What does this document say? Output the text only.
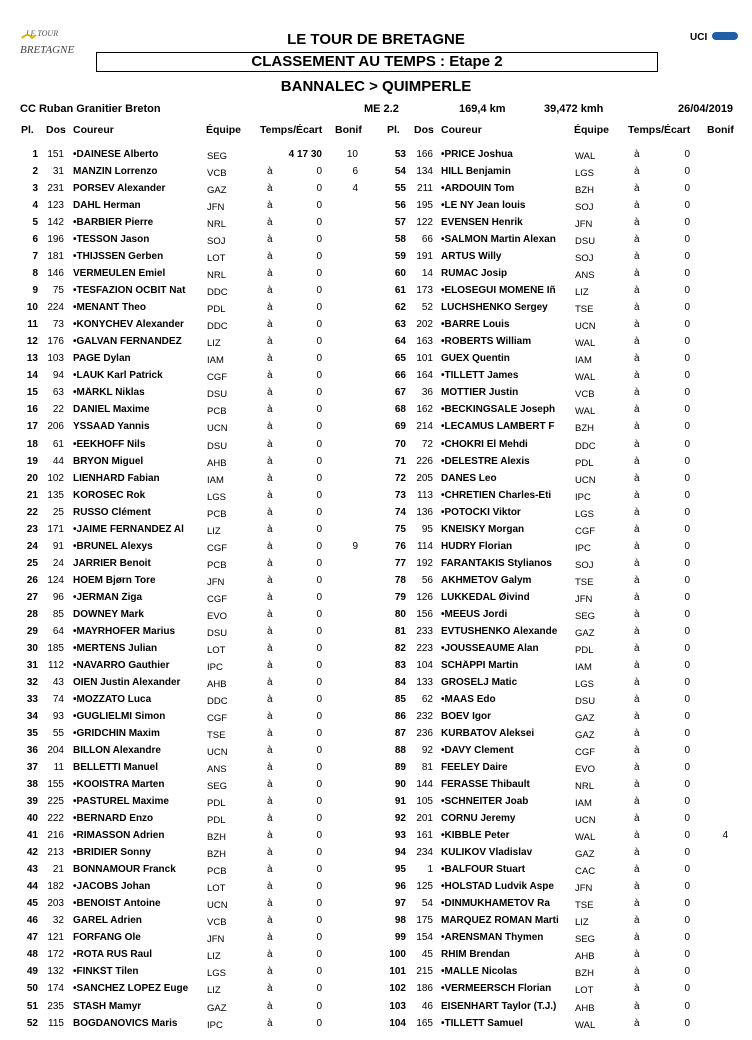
LE TOUR
BRETAGNE
LE TOUR DE BRETAGNE
CLASSEMENT AU TEMPS : Etape 2
BANNALEC > QUIMPERLE
UCI
CC Ruban Granitier Breton	ME 2.2	169,4 km	39,472 kmh	26/04/2019
Pl. Dos Coureur	Équipe Temps/Écart Bonif Pl. Dos Coureur	Équipe Temps/Écart Bonif
1 151 •DAINESE Alberto	SEG	4 17 30	10
2	31 MANZIN Lorrenzo	VCB	à	0	6
3 231 PORSEV Alexander	GAZ	à	0	4
4 123 DAHL Herman	JFN	à	0
5 142 •BARBIER Pierre	NRL	à	0
6 196 •TESSON Jason	SOJ	à	0
7 181 •THIJSSEN Gerben	LOT	à	0
8 146 VERMEULEN Emiel	NRL	à	0
9	75 •TESFAZION OCBIT Nat	DDC	à	0
10 224 •MENANT Theo	PDL	à	0
11	73 •KONYCHEV Alexander	DDC	à	0
12 176 •GALVAN FERNANDEZ	LIZ	à	0
13 103 PAGE Dylan	IAM	à	0
14	94 •LAUK Karl Patrick	CGF	à	0
15	63 •MÄRKL Niklas	DSU	à	0
16	22 DANIEL Maxime	PCB	à	0
17 206 YSSAAD Yannis	UCN	à	0
18	61 •EEKHOFF Nils	DSU	à	0
19	44 BRYON Miguel	AHB	à	0
20 102 LIENHARD Fabian	IAM	à	0
21 135 KOROŠEC Rok	LGS	à	0
22	25 RUSSO Clément	PCB	à	0
23 171 •JAIME FERNANDEZ Al	LIZ	à	0
24	91 •BRUNEL Alexys	CGF	à	0	9
25	24 JARRIER Benoit	PCB	à	0
26 124 HOEM Bjørn Tore	JFN	à	0
27	96 •JERMAN Žiga	CGF	à	0
28	85 DOWNEY Mark	EVO	à	0
29	64 •MAYRHOFER Marius	DSU	à	0
30 185 •MERTENS Julian	LOT	à	0
31	112 •NAVARRO Gauthier	IPC	à	0
32	43 OIEN Justin Alexander	AHB	à	0
33	74 •MOZZATO Luca	DDC	à	0
34	93 •GUGLIELMI Simon	CGF	à	0
35	55 •GRIDCHIN Maxim	TSE	à	0
36 204 BILLON Alexandre	UCN	à	0
37	11 BELLETTI Manuel	ANS	à	0
38 155 •KOOISTRA Marten	SEG	à	0
39 225 •PASTUREL Maxime	PDL	à	0
40 222 •BERNARD Enzo	PDL	à	0
41 216 •RIMASSON Adrien	BZH	à	0
42 213 •BRIDIER Sonny	BZH	à	0
43	21 BONNAMOUR Franck	PCB	à	0
44 182 •JACOBS Johan	LOT	à	0
45 203 •BENOIST Antoine	UCN	à	0
46	32 GAREL Adrien	VCB	à	0
47 121 FORFANG Ole	JFN	à	0
48 172 •ROTA RUS Raul	LIZ	à	0
49 132 •FINKŠT Tilen	LGS	à	0
50 174 •SANCHEZ LOPEZ Euge	LIZ	à	0
51 235 STASH Mamyr	GAZ	à	0
52	115 BOGDANOVICS Maris	IPC	à	0
53	166 •PRICE Joshua	WAL	à	0
54	134 HILL Benjamin	LGS	à	0
55	211 •ARDOUIN Tom	BZH	à	0
56	195 •LE NY Jean louis	SOJ	à	0
57	122 EVENSEN Henrik	JFN	à	0
58	66 •SALMON Martin Alexan	DSU	à	0
59	191 ARTUS Willy	SOJ	à	0
60	14 RUMAC Josip	ANS	à	0
61	173 •ELOSEGUI MOMEÑE Iñ	LIZ	à	0
62	52 LUCHSHENKO Sergey	TSE	à	0
63	202 •BARRE Louis	UCN	à	0
64	163 •ROBERTS William	WAL	à	0
65	101 GUEX Quentin	IAM	à	0
66	164 •TILLETT James	WAL	à	0
67	36 MOTTIER Justin	VCB	à	0
68	162 •BECKINGSALE Joseph	WAL	à	0
69	214 •LECAMUS LAMBERT F	BZH	à	0
70	72 •CHOKRI El Mehdi	DDC	à	0
71	226 •DELESTRE Alexis	PDL	à	0
72	205 DANES Leo	UCN	à	0
73	113 •CHRETIEN Charles-Eti	IPC	à	0
74	136 •POTOČKI Viktor	LGS	à	0
75	95 KNEISKY Morgan	CGF	à	0
76	114 HUDRY Florian	IPC	à	0
77	192 FARANTAKIS Stylianos	SOJ	à	0
78	56 AKHMETOV Galym	TSE	à	0
79	126 LUKKEDAL Øivind	JFN	à	0
80	156 •MEEUS Jordi	SEG	à	0
81	233 EVTUSHENKO Alexande	GAZ	à	0
82	223 •JOUSSEAUME Alan	PDL	à	0
83	104 SCHÄPPI Martin	IAM	à	0
84	133 GROŠELJ Matic	LGS	à	0
85	62 •MAAS Edo	DSU	à	0
86	232 BOEV Igor	GAZ	à	0
87	236 KURBATOV Aleksei	GAZ	à	0
88	92 •DAVY Clement	CGF	à	0
89	81 FEELEY Daire	EVO	à	0
90	144 FERASSE Thibault	NRL	à	0
91	105 •SCHNEITER Joab	IAM	à	0
92	201 CORNU Jeremy	UCN	à	0
93	161 •KIBBLE Peter	WAL	à	0	4
94	234 KULIKOV Vladislav	GAZ	à	0
95	1 •BALFOUR Stuart	CAC	à	0
96	125 •HOLSTAD Ludvik Aspe	JFN	à	0
97	54 •DINMUKHAMETOV Ra	TSE	à	0
98	175 MARQUEZ ROMAN Marti	LIZ	à	0
99	154 •ARENSMAN Thymen	SEG	à	0
100	45 RHIM Brendan	AHB	à	0
101	215 •MALLE Nicolas	BZH	à	0
102	186 •VERMEERSCH Florian	LOT	à	0
103	46 EISENHART Taylor (T.J.)	AHB	à	0
104	165 •TILLETT Samuel	WAL	à	0
